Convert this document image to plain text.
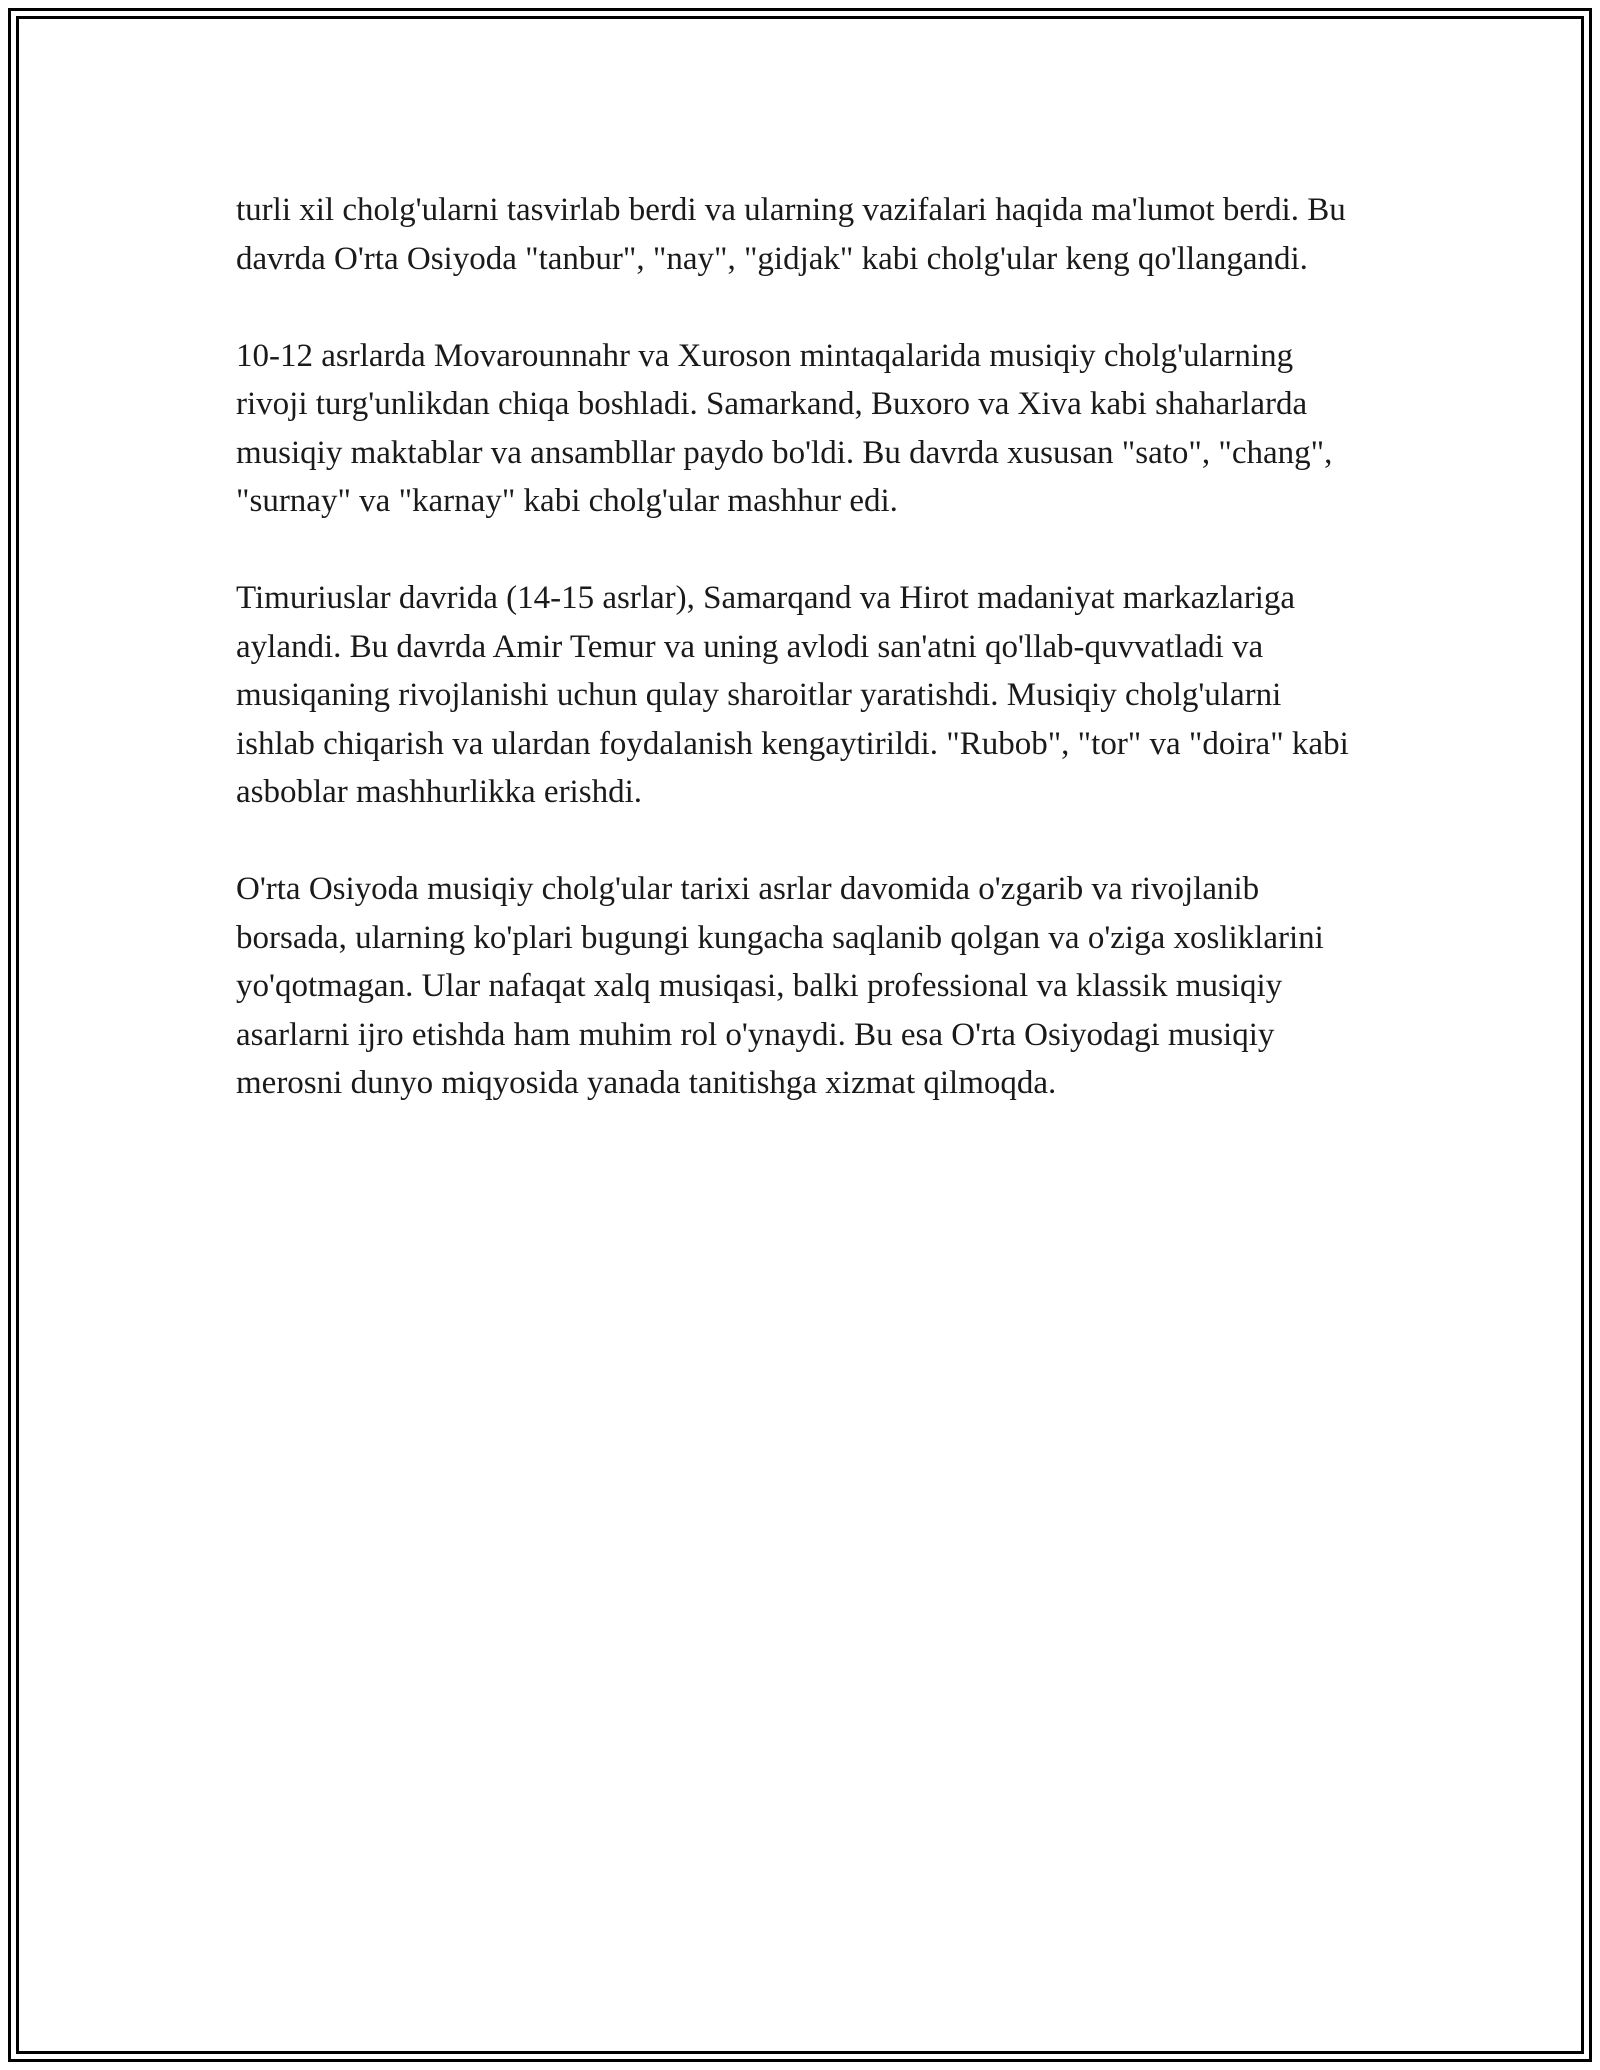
turli xil cholg'ularni tasvirlab berdi va ularning vazifalari haqida ma'lumot berdi. Bu davrda O'rta Osiyoda "tanbur", "nay", "gidjak" kabi cholg'ular keng qo'llangandi.

10-12 asrlarda Movarounnahr va Xuroson mintaqalarida musiqiy cholg'ularning rivoji turg'unlikdan chiqa boshladi. Samarkand, Buxoro va Xiva kabi shaharlarda musiqiy maktablar va ansambllar paydo bo'ldi. Bu davrda xususan "sato", "chang", "surnay" va "karnay" kabi cholg'ular mashhur edi.

Timuriuslar davrida (14-15 asrlar), Samarqand va Hirot madaniyat markazlariga aylandi. Bu davrda Amir Temur va uning avlodi san'atni qo'llab-quvvatladi va musiqaning rivojlanishi uchun qulay sharoitlar yaratishdi. Musiqiy cholg'ularni ishlab chiqarish va ulardan foydalanish kengaytirildi. "Rubob", "tor" va "doira" kabi asboblar mashhurlikka erishdi.

O'rta Osiyoda musiqiy cholg'ular tarixi asrlar davomida o'zgarib va rivojlanib borsada, ularning ko'plari bugungi kungacha saqlanib qolgan va o'ziga xosliklarini yo'qotmagan. Ular nafaqat xalq musiqasi, balki professional va klassik musiqiy asarlarni ijro etishda ham muhim rol o'ynaydi. Bu esa O'rta Osiyodagi musiqiy merosni dunyo miqyosida yanada tanitishga xizmat qilmoqda.
